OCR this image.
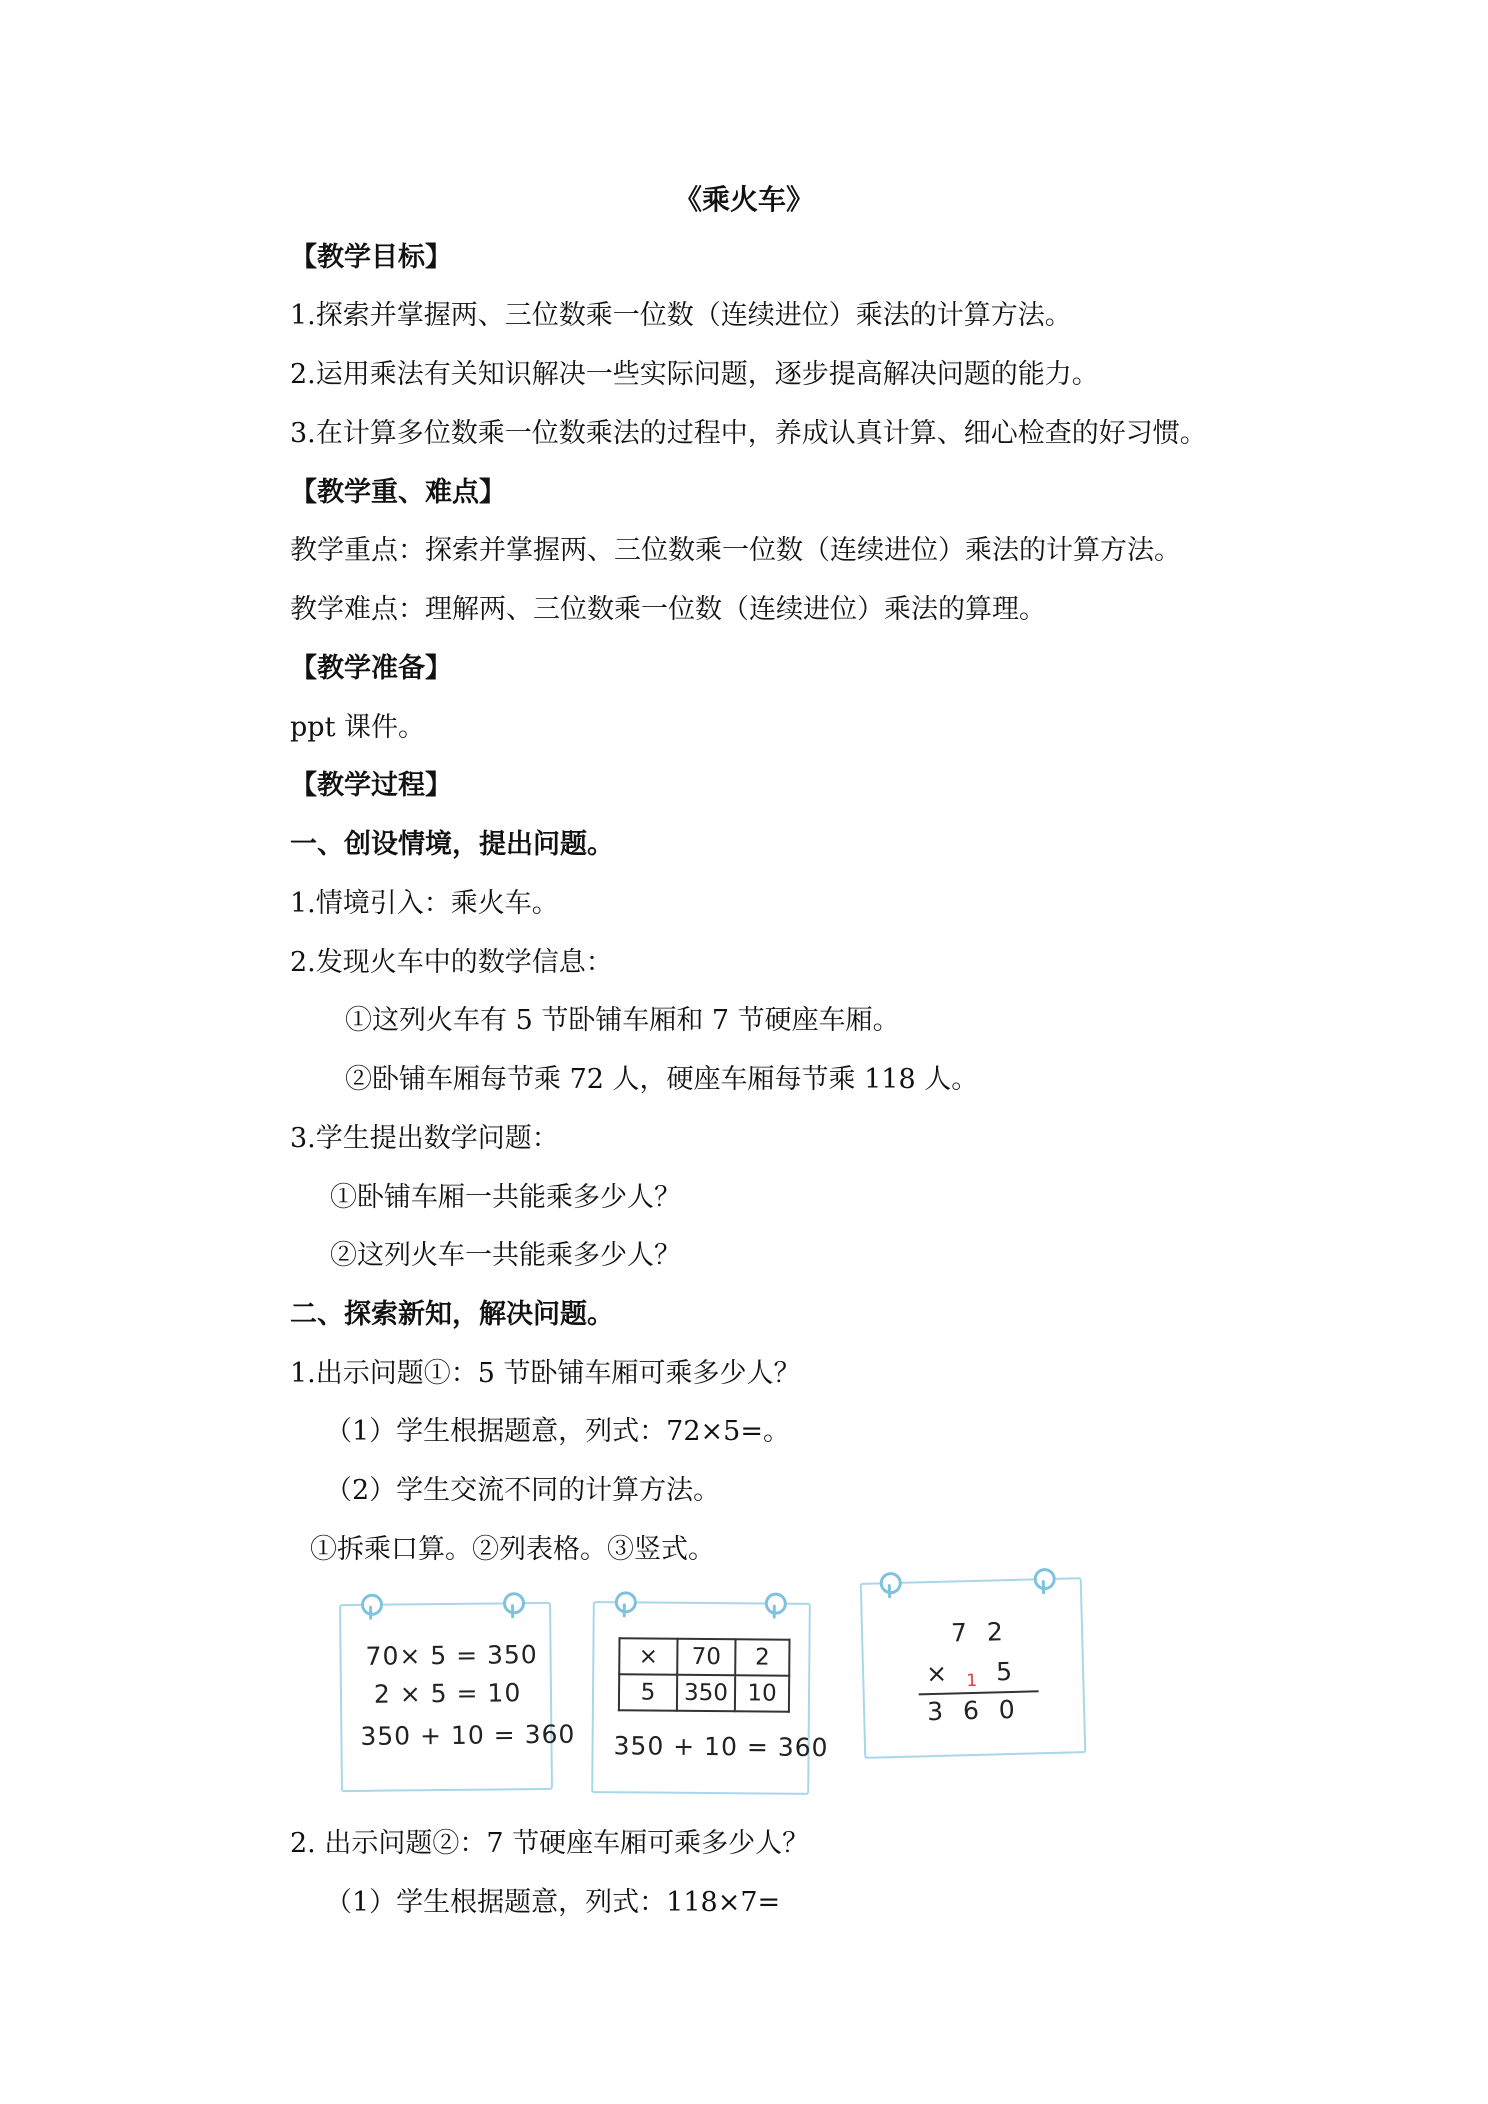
《乘火车》
【教学目标】
1.探索并掌握两、三位数乘一位数（连续进位）乘法的计算方法。
2.运用乘法有关知识解决一些实际问题，逐步提高解决问题的能力。
3.在计算多位数乘一位数乘法的过程中，养成认真计算、细心检查的好习惯。
【教学重、难点】
教学重点：探索并掌握两、三位数乘一位数（连续进位）乘法的计算方法。
教学难点：理解两、三位数乘一位数（连续进位）乘法的算理。
【教学准备】
ppt 课件。
【教学过程】
一、创设情境，提出问题。
1.情境引入：乘火车。
2.发现火车中的数学信息：
①这列火车有 5 节卧铺车厢和 7 节硬座车厢。
②卧铺车厢每节乘 72 人，硬座车厢每节乘 118 人。
3.学生提出数学问题：
①卧铺车厢一共能乘多少人？
②这列火车一共能乘多少人？
二、探索新知，解决问题。
1.出示问题①：5 节卧铺车厢可乘多少人？
（1）学生根据题意，列式：72×5=。
（2）学生交流不同的计算方法。
①拆乘口算。②列表格。③竖式。
70× 5 = 350
2 × 5 = 10
350 + 10 = 360
×	70	2
5	350	10
350 + 10 = 360
7 2
× 1 5
3 6 0
2. 出示问题②：7 节硬座车厢可乘多少人？
（1）学生根据题意，列式：118×7=
